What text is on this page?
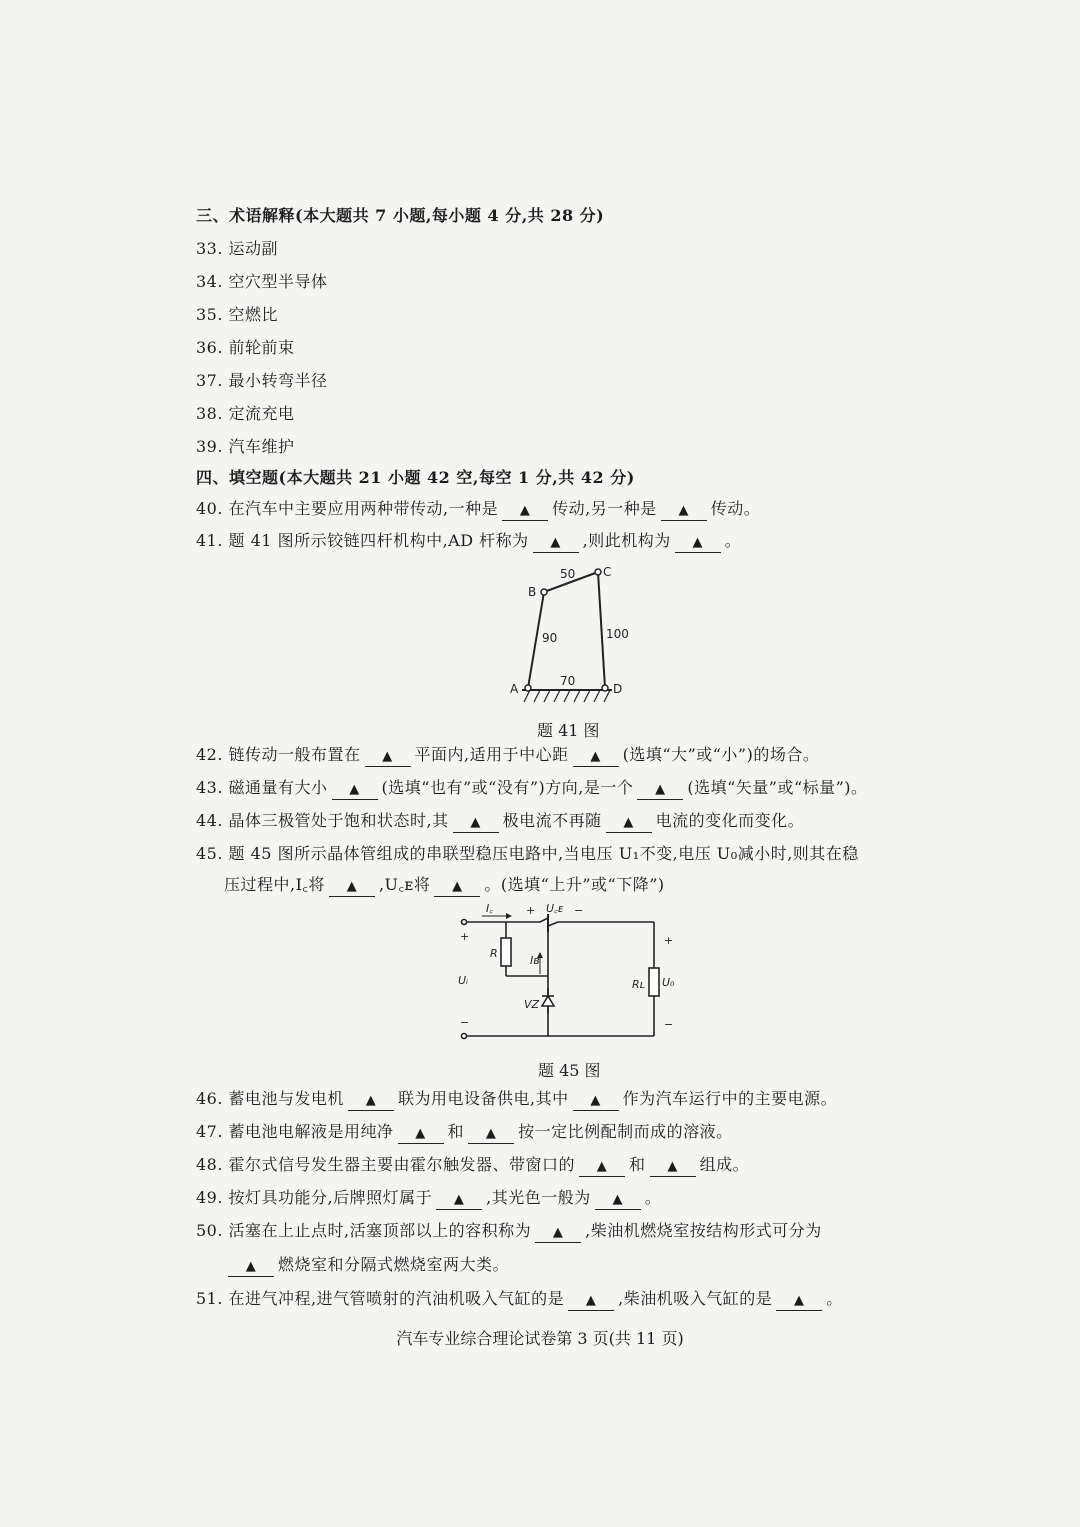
三、术语解释(本大题共 7 小题,每小题 4 分,共 28 分)
33. 运动副
34. 空穴型半导体
35. 空燃比
36. 前轮前束
37. 最小转弯半径
38. 定流充电
39. 汽车维护
四、填空题(本大题共 21 小题 42 空,每空 1 分,共 42 分)
40. 在汽车中主要应用两种带传动,一种是 ▲ 传动,另一种是 ▲ 传动。
41. 题 41 图所示铰链四杆机构中,AD 杆称为 ▲ ,则此机构为 ▲ 。
A
B
C
D
90
50
100
70
题 41 图
42. 链传动一般布置在 ▲ 平面内,适用于中心距 ▲ (选填“大”或“小”)的场合。
43. 磁通量有大小 ▲ (选填“也有”或“没有”)方向,是一个 ▲ (选填“矢量”或“标量”)。
44. 晶体三极管处于饱和状态时,其 ▲ 极电流不再随 ▲ 电流的变化而变化。
45. 题 45 图所示晶体管组成的串联型稳压电路中,当电压 U₁不变,电压 U₀减小时,则其在稳
压过程中,I꜀将 ▲ ,U꜀ᴇ将 ▲ 。(选填“上升”或“下降”)
I꜀	U꜀ᴇ
+	−
R
Iʙ
Uᵢ
VZ
Rʟ U₀
+
−
+
−
题 45 图
46. 蓄电池与发电机 ▲ 联为用电设备供电,其中 ▲ 作为汽车运行中的主要电源。
47. 蓄电池电解液是用纯净 ▲ 和 ▲ 按一定比例配制而成的溶液。
48. 霍尔式信号发生器主要由霍尔触发器、带窗口的 ▲ 和 ▲ 组成。
49. 按灯具功能分,后牌照灯属于 ▲ ,其光色一般为 ▲ 。
50. 活塞在上止点时,活塞顶部以上的容积称为 ▲ ,柴油机燃烧室按结构形式可分为
▲ 燃烧室和分隔式燃烧室两大类。
51. 在进气冲程,进气管喷射的汽油机吸入气缸的是 ▲ ,柴油机吸入气缸的是 ▲ 。
汽车专业综合理论试卷第 3 页(共 11 页)
